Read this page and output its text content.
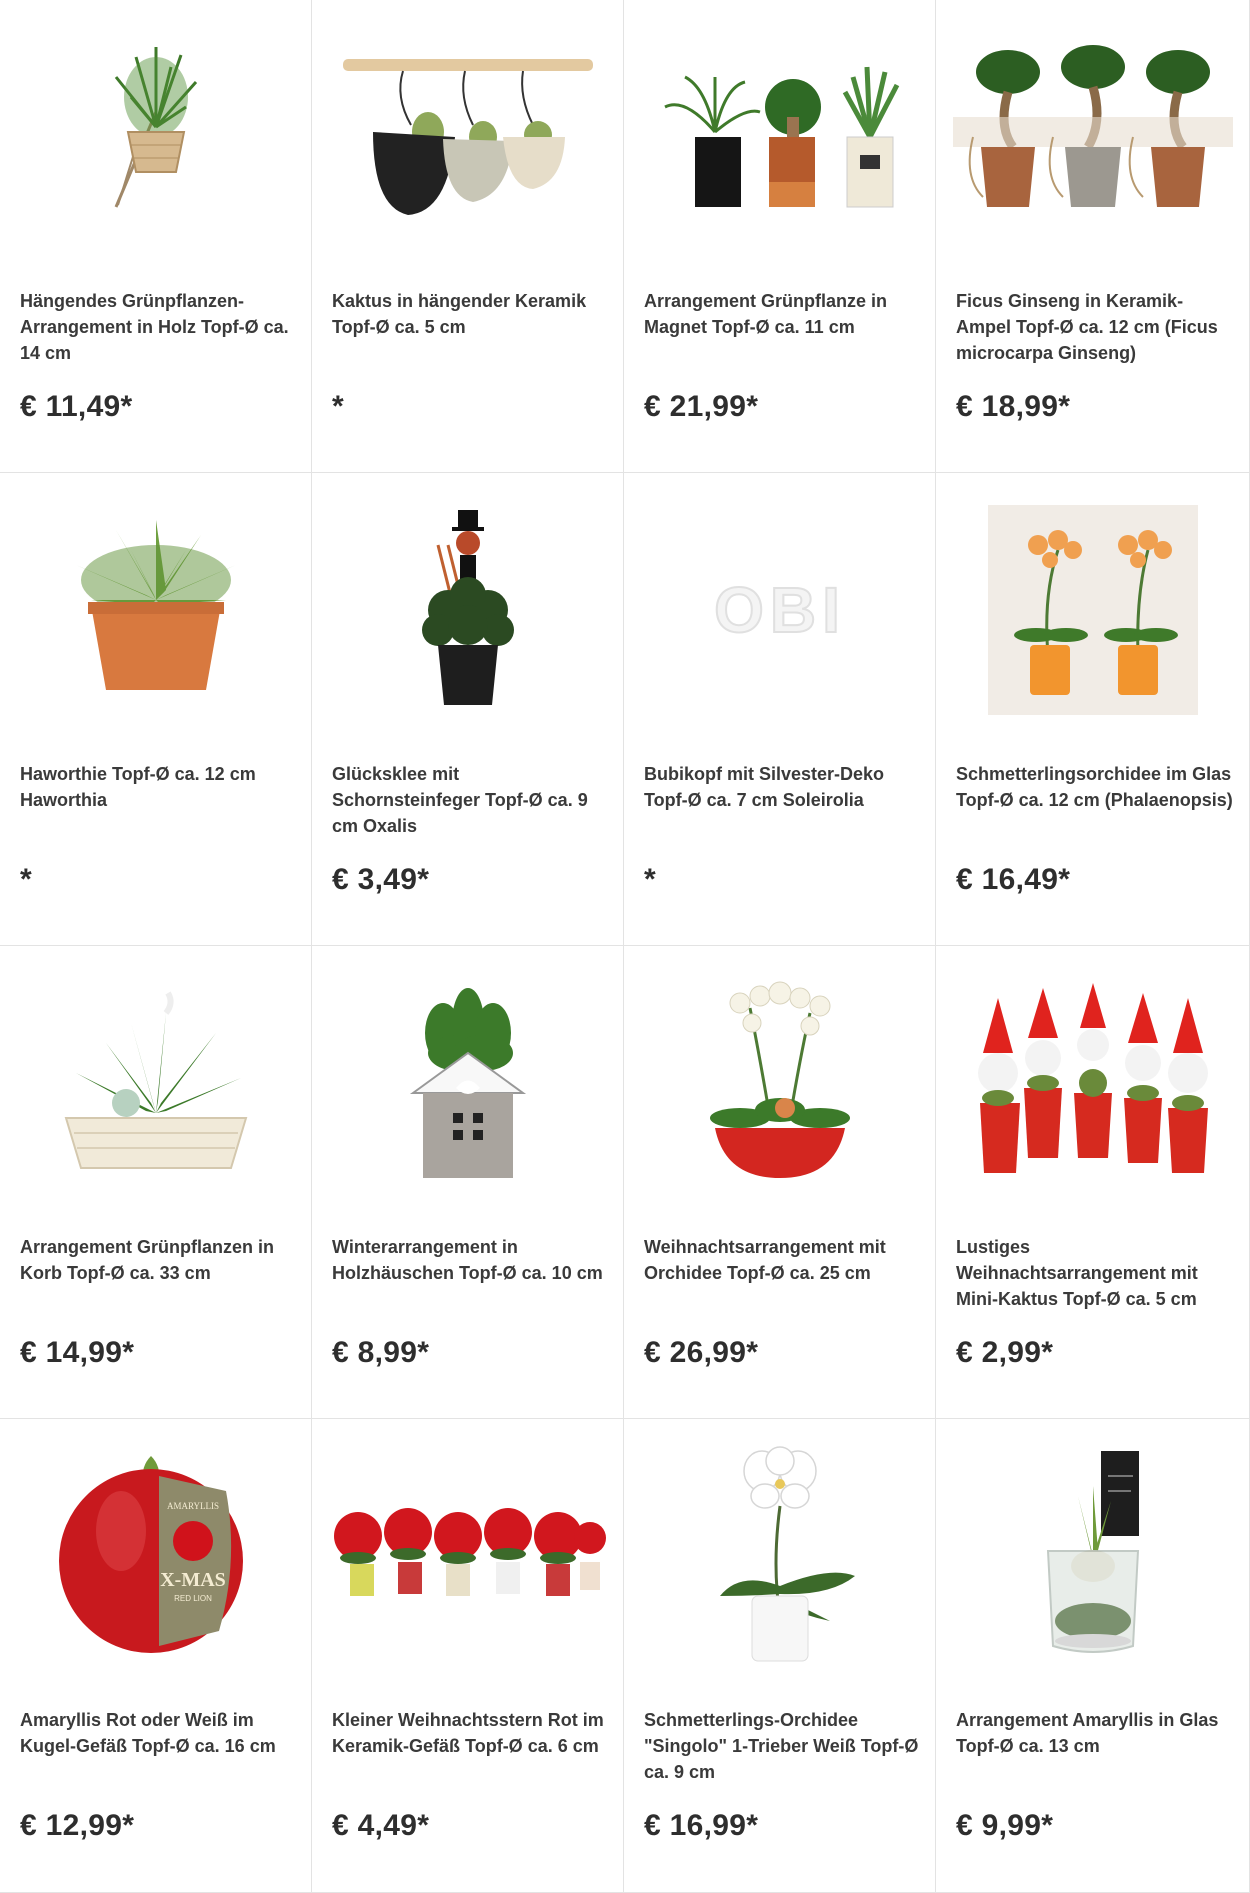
Hängendes Grünpflanzen-Arrangement in Holz Topf-Ø ca. 14 cm
€ 11,49*
Kaktus in hängender Keramik Topf-Ø ca. 5 cm
*
Arrangement Grünpflanze in Magnet Topf-Ø ca. 11 cm
€ 21,99*
Ficus Ginseng in Keramik-Ampel Topf-Ø ca. 12 cm (Ficus microcarpa Ginseng)
€ 18,99*
Haworthie Topf-Ø ca. 12 cm Haworthia
*
Glücksklee mit Schornsteinfeger Topf-Ø ca. 9 cm Oxalis
€ 3,49*
OBI
Bubikopf mit Silvester-Deko Topf-Ø ca. 7 cm Soleirolia
*
Schmetterlingsorchidee im Glas Topf-Ø ca. 12 cm (Phalaenopsis)
€ 16,49*
Arrangement Grünpflanzen in Korb Topf-Ø ca. 33 cm
€ 14,99*
Winterarrangement in Holzhäuschen Topf-Ø ca. 10 cm
€ 8,99*
Weihnachtsarrangement mit Orchidee Topf-Ø ca. 25 cm
€ 26,99*
Lustiges Weihnachtsarrangement mit Mini-Kaktus Topf-Ø ca. 5 cm
€ 2,99*
AMARYLLIS
X-MAS
RED LION
Amaryllis Rot oder Weiß im Kugel-Gefäß Topf-Ø ca. 16 cm
€ 12,99*
Kleiner Weihnachtsstern Rot im Keramik-Gefäß Topf-Ø ca. 6 cm
€ 4,49*
Schmetterlings-Orchidee "Singolo" 1-Trieber Weiß Topf-Ø ca. 9 cm
€ 16,99*
Arrangement Amaryllis in Glas Topf-Ø ca. 13 cm
€ 9,99*
